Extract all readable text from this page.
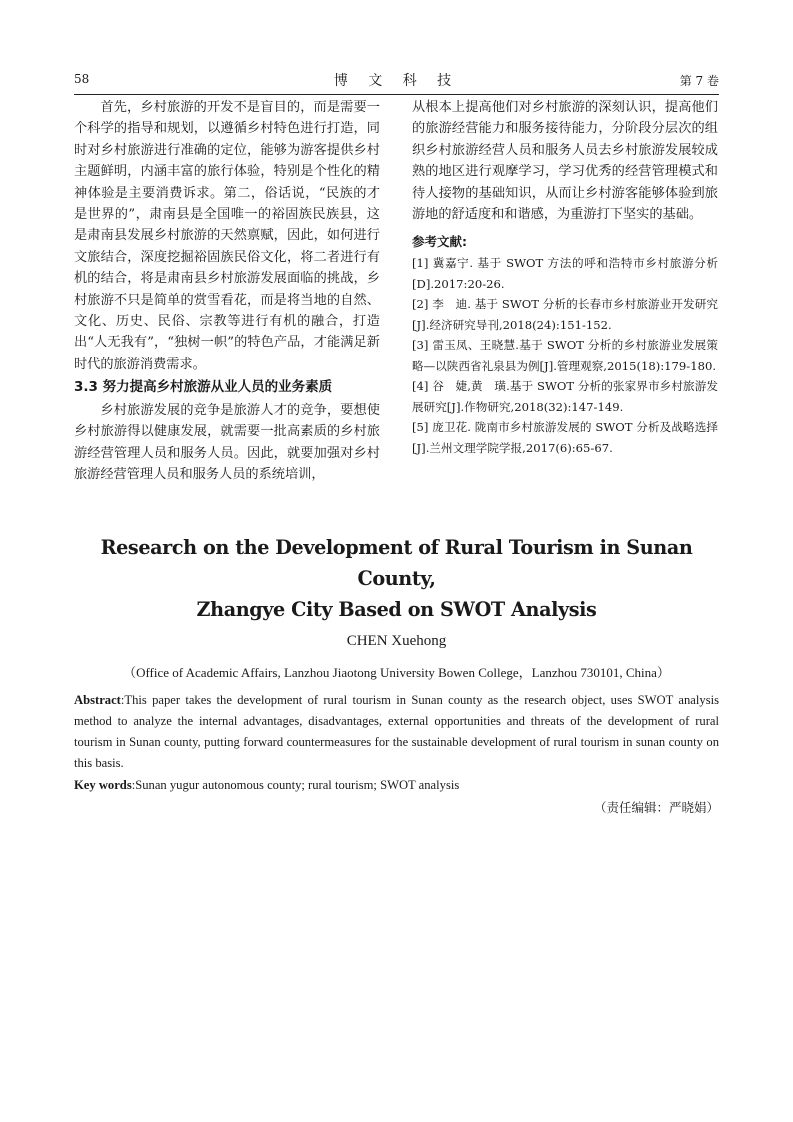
58	博 文 科 技	第 7 卷

首先，乡村旅游的开发不是盲目的，而是需要一个科学的指导和规划，以遵循乡村特色进行打造，同时对乡村旅游进行准确的定位，能够为游客提供乡村主题鲜明，内涵丰富的旅行体验，特别是个性化的精神体验是主要消费诉求。第二，俗话说，“民族的才是世界的”，肃南县是全国唯一的裕固族民族县，这是肃南县发展乡村旅游的天然禀赋，因此，如何进行文旅结合，深度挖掘裕固族民俗文化，将二者进行有机的结合，将是肃南县乡村旅游发展面临的挑战，乡村旅游不只是简单的赏雪看花，而是将当地的自然、文化、历史、民俗、宗教等进行有机的融合，打造出“人无我有”，“独树一帜”的特色产品，才能满足新时代的旅游消费需求。

3.3 努力提高乡村旅游从业人员的业务素质

乡村旅游发展的竞争是旅游人才的竞争，要想使乡村旅游得以健康发展，就需要一批高素质的乡村旅游经营管理人员和服务人员。因此，就要加强对乡村旅游经营管理人员和服务人员的系统培训，

从根本上提高他们对乡村旅游的深刻认识，提高他们的旅游经营能力和服务接待能力，分阶段分层次的组织乡村旅游经营人员和服务人员去乡村旅游发展较成熟的地区进行观摩学习，学习优秀的经营管理模式和待人接物的基础知识，从而让乡村游客能够体验到旅游地的舒适度和和谐感，为重游打下坚实的基础。

参考文献:
[1] 冀嘉宁. 基于 SWOT 方法的呼和浩特市乡村旅游分析[D].2017:20-26.
[2] 李　迪. 基于 SWOT 分析的长春市乡村旅游业开发研究[J].经济研究导刊,2018(24):151-152.
[3] 雷玉凤、王晓慧.基于 SWOT 分析的乡村旅游业发展策略—以陕西省礼泉县为例[J].管理观察,2015(18):179-180.
[4] 谷　婕,黄　璜.基于 SWOT 分析的张家界市乡村旅游发展研究[J].作物研究,2018(32):147-149.
[5] 庞卫花. 陇南市乡村旅游发展的 SWOT 分析及战略选择[J].兰州文理学院学报,2017(6):65-67.
Research on the Development of Rural Tourism in Sunan County,
Zhangye City Based on SWOT Analysis
CHEN Xuehong
（Office of Academic Affairs, Lanzhou Jiaotong University Bowen College，Lanzhou 730101, China）
Abstract:This paper takes the development of rural tourism in Sunan county as the research object, uses SWOT analysis method to analyze the internal advantages, disadvantages, external opportunities and threats of the development of rural tourism in Sunan county, putting forward countermeasures for the sustainable development of rural tourism in sunan county on this basis.
Key words:Sunan yugur autonomous county; rural tourism; SWOT analysis
（责任编辑：严晓娟）
